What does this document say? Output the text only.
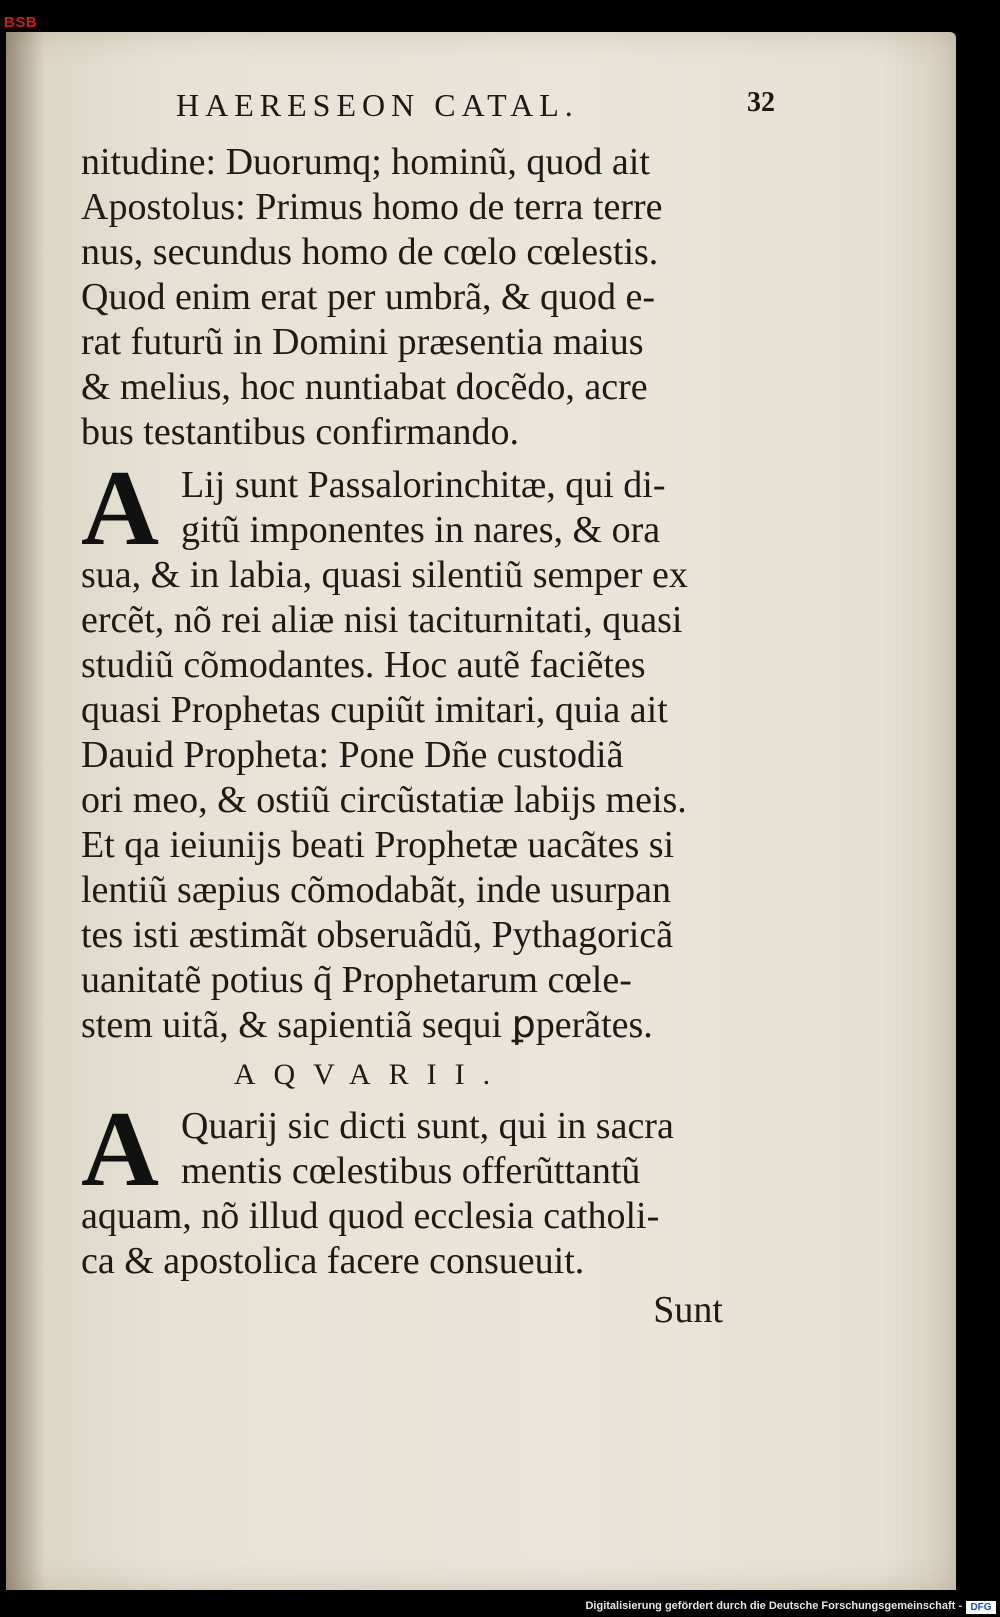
BSB
HAERESEON CATAL.	32
nitudine: Duorumq; hominũ, quod ait
Apostolus: Primus homo de terra terre
nus, secundus homo de cœlo cœlestis.
Quod enim erat per umbrã, & quod e-
rat futurũ in Domini præsentia maius
& melius, hoc nuntiabat docẽdo, acre
bus testantibus confirmando.
A Lij sunt Passalorinchitæ, qui di-
gitũ imponentes in nares, & ora
sua, & in labia, quasi silentiũ semper ex
ercẽt, nõ rei aliæ nisi taciturnitati, quasi
studiũ cõmodantes. Hoc autẽ faciẽtes
quasi Prophetas cupiũt imitari, quia ait
Dauid Propheta: Pone Dñe custodiã
ori meo, & ostiũ circũstatiæ labijs meis.
Et qa ieiunijs beati Prophetæ uacãtes si
lentiũ sæpius cõmodabãt, inde usurpan
tes isti æstimãt obseruãdũ, Pythagoricã
uanitatẽ potius q̃ Prophetarum cœle-
stem uitã, & sapientiã sequi ꝑperãtes.
AQVARII.
A Quarij sic dicti sunt, qui in sacra
mentis cœlestibus offerũttantũ
aquam, nõ illud quod ecclesia catholi-
ca & apostolica facere consueuit.
Sunt
Digitalisierung gefördert durch die Deutsche Forschungsgemeinschaft - DFG
